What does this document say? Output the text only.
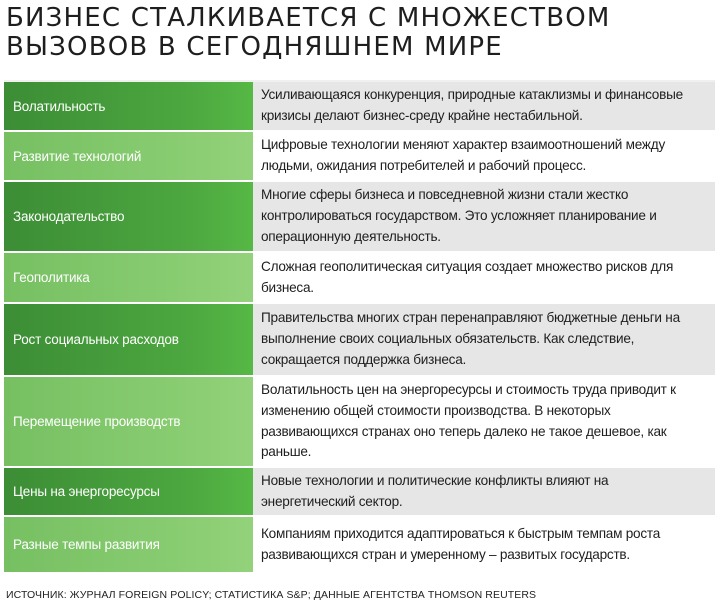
БИЗНЕС СТАЛКИВАЕТСЯ С МНОЖЕСТВОМ ВЫЗОВОВ В СЕГОДНЯШНЕМ МИРЕ
Волатильность
Усиливающаяся конкуренция, природные катаклизмы и финансовые кризисы делают бизнес-среду крайне нестабильной.
Развитие технологий
Цифровые технологии меняют характер взаимоотношений между людьми, ожидания потребителей и рабочий процесс.
Законодательство
Многие сферы бизнеса и повседневной жизни стали жестко контролироваться государством. Это усложняет планирование и операционную деятельность.
Геополитика
Сложная геополитическая ситуация создает множество рисков для бизнеса.
Рост социальных расходов
Правительства многих стран перенаправляют бюджетные деньги на выполнение своих социальных обязательств. Как следствие, сокращается поддержка бизнеса.
Перемещение производств
Волатильность цен на энергоресурсы и стоимость труда приводит к изменению общей стоимости производства. В некоторых развивающихся странах оно теперь далеко не такое дешевое, как раньше.
Цены на энергоресурсы
Новые технологии и политические конфликты влияют на энергетический сектор.
Разные темпы развития
Компаниям приходится адаптироваться к быстрым темпам роста развивающихся стран и умеренному – развитых государств.
ИСТОЧНИК: ЖУРНАЛ FOREIGN POLICY; СТАТИСТИКА S&P; ДАННЫЕ АГЕНТСТВА THOMSON REUTERS
